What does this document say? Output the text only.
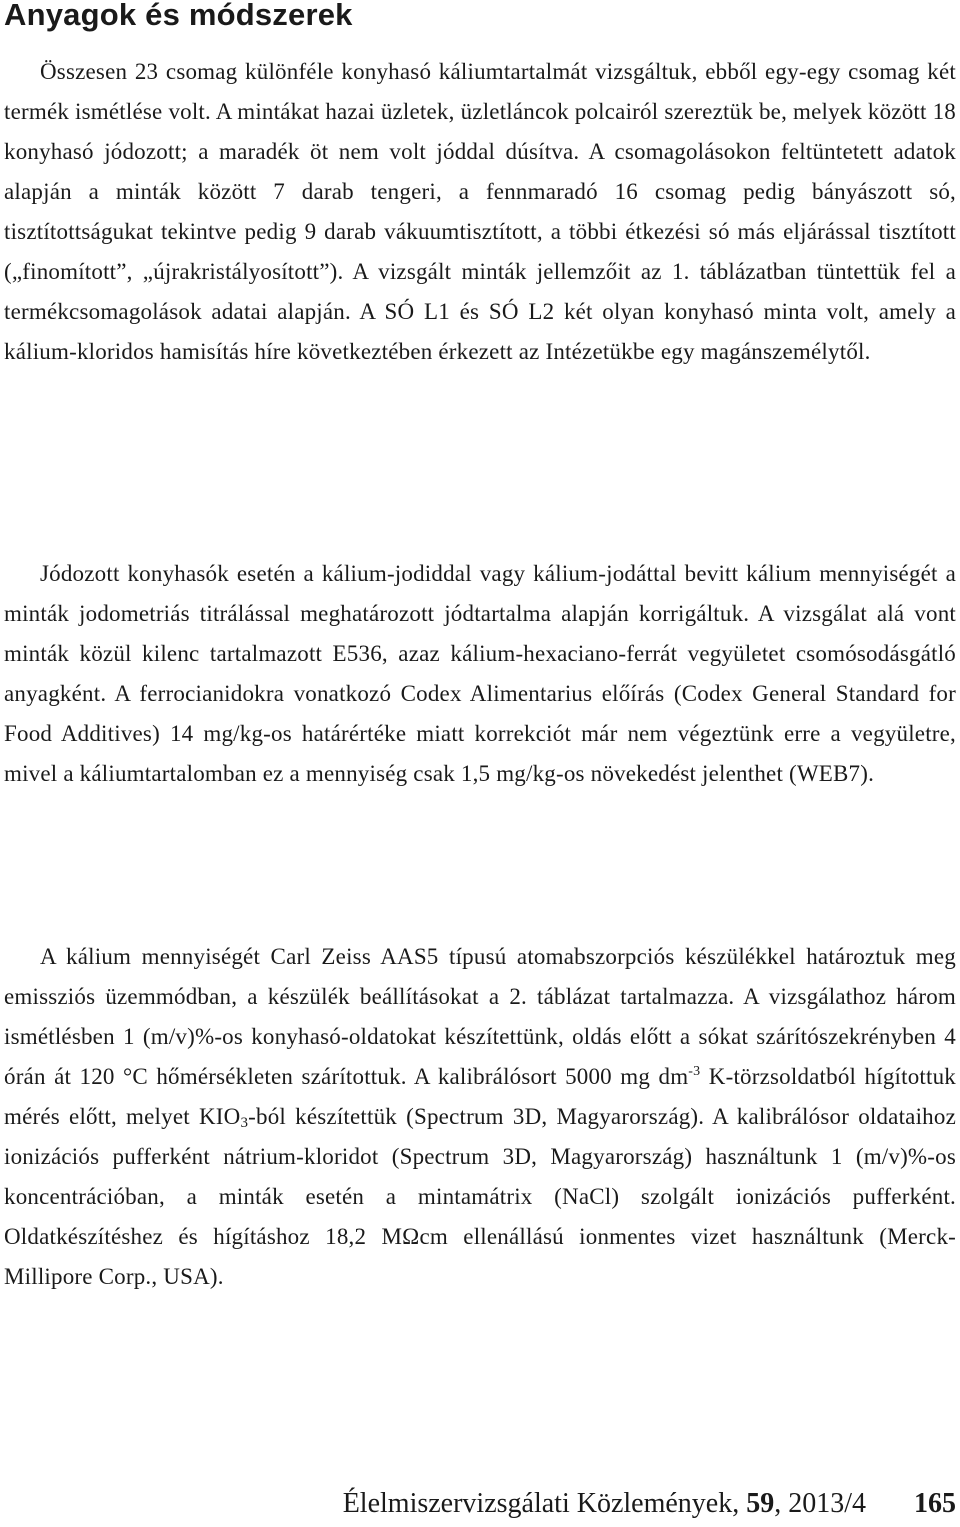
Anyagok és módszerek

Összesen 23 csomag különféle konyhasó káliumtartalmát vizsgáltuk, ebből egy-egy csomag két termék ismétlése volt. A mintákat hazai üzletek, üzletláncok polcairól szereztük be, melyek között 18 konyhasó jódozott; a maradék öt nem volt jóddal dúsítva. A csomagolásokon feltüntetett adatok alapján a minták között 7 darab tengeri, a fennmaradó 16 csomag pedig bányászott só, tisztítottságukat tekintve pedig 9 darab vákuumtisztított, a többi étkezési só más eljárással tisztított („finomított”, „újrakristályosított”). A vizsgált minták jellemzőit az 1. táblázatban tüntettük fel a termékcsomagolások adatai alapján. A SÓ L1 és SÓ L2 két olyan konyhasó minta volt, amely a kálium-kloridos hamisítás híre következtében érkezett az Intézetükbe egy magánszemélytől.

Jódozott konyhasók esetén a kálium-jodiddal vagy kálium-jodáttal bevitt kálium mennyiségét a minták jodometriás titrálással meghatározott jódtartalma alapján korrigáltuk. A vizsgálat alá vont minták közül kilenc tartalmazott E536, azaz kálium-hexaciano-ferrát vegyületet csomósodásgátló anyagként. A ferrocianidokra vonatkozó Codex Alimentarius előírás (Codex General Standard for Food Additives) 14 mg/kg-os határértéke miatt korrekciót már nem végeztünk erre a vegyületre, mivel a káliumtartalomban ez a mennyiség csak 1,5 mg/kg-os növekedést jelenthet (WEB7).

A kálium mennyiségét Carl Zeiss AAS5 típusú atomabszorpciós készülékkel határoztuk meg emissziós üzemmódban, a készülék beállításokat a 2. táblázat tartalmazza. A vizsgálathoz három ismétlésben 1 (m/v)%-os konyhasó-oldatokat készítettünk, oldás előtt a sókat szárítószekrényben 4 órán át 120 °C hőmérsékleten szárítottuk. A kalibrálósort 5000 mg $dm^{-3}$ K-törzsoldatból hígítottuk mérés előtt, melyet $KIO_3$-ból készítettük (Spectrum 3D, Magyarország). A kalibrálósor oldataihoz ionizációs pufferként nátrium-kloridot (Spectrum 3D, Magyarország) használtunk 1 (m/v)%-os koncentrációban, a minták esetén a mintamátrix (NaCl) szolgált ionizációs pufferként. Oldatkészítéshez és hígításhoz 18,2 MΩcm ellenállású ionmentes vizet használtunk (Merck-Millipore Corp., USA).

Élelmiszervizsgálati Közlemények, 59, 2013/4 165
